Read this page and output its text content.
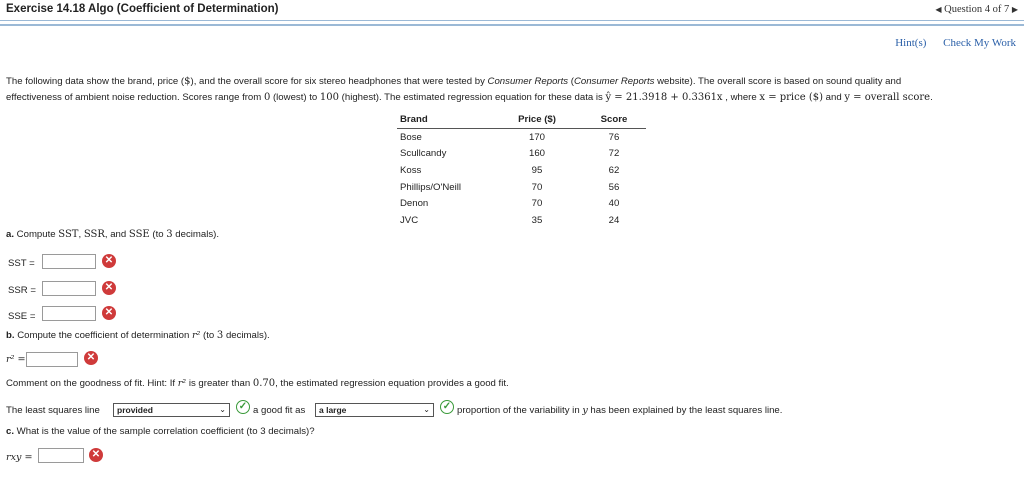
Exercise 14.18 Algo (Coefficient of Determination)	◀ Question 4 of 7 ▶
Hint(s) Check My Work
The following data show the brand, price ($), and the overall score for six stereo headphones that were tested by Consumer Reports (Consumer Reports website). The overall score is based on sound quality and
effectiveness of ambient noise reduction. Scores range from 0 (lowest) to 100 (highest). The estimated regression equation for these data is ŷ = 21.3918 + 0.3361x , where x = price ($) and y = overall score.
Brand	Price ($)	Score
Bose	170	76
Scullcandy	160	72
Koss	95	62
Phillips/O'Neill	70	56
Denon	70	40
JVC	35	24
a. Compute SST, SSR, and SSE (to 3 decimals).
SST =	✕
SSR =	✕
SSE =	✕
b. Compute the coefficient of determination r² (to 3 decimals).
r² =	✕
Comment on the goodness of fit. Hint: If r² is greater than 0.70, the estimated regression equation provides a good fit.
The least squares line	provided	⌄ ✓ a good fit as	a large	⌄ ✓ proportion of the variability in y has been explained by the least squares line.
c. What is the value of the sample correlation coefficient (to 3 decimals)?
rxy =	✕
